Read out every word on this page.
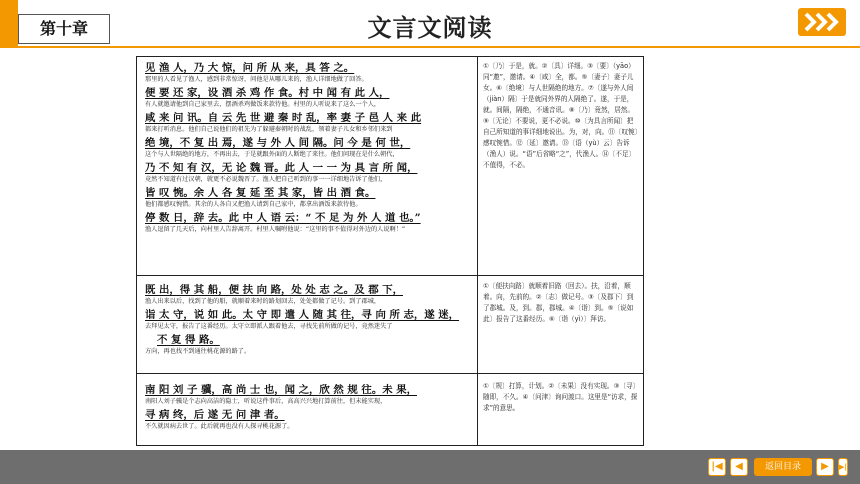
第十章	文言文阅读
见 渔 人，乃 大 惊，问 所 从 来，具 答 之。
那里的人看见了渔人，感到非常惊讶，问他是从哪儿来的，渔人详细地做了回答。
便 要 还 家，设 酒 杀 鸡 作 食。村 中 闻 有 此 人，
有人就邀请他到自己家里去，摆酒杀鸡做饭来款待他。村里的人听说来了这么一个人，
咸 来 问 讯。自 云 先 世 避 秦 时 乱，率 妻 子 邑 人 来 此
都来打听消息。他们自己说他们的祖先为了躲避秦朝时的战乱，领着妻子儿女和乡邻们来到
绝 境，不 复 出 焉，遂 与 外 人 间 隔。问 今 是 何 世，
这个与人世隔绝的地方，不再出去，于是就跟外面的人断绝了来往。他们问现在是什么朝代，
乃 不 知 有 汉，无 论 魏 晋。此 人 一 一 为 具 言 所 闻，
竟然不知道有过汉朝，就更不必说魏晋了。渔人把自己听到的事一一详细地告诉了他们，
皆 叹 惋。余 人 各 复 延 至 其 家，皆 出 酒 食。
他们都感叹惋惜。其余的人各自又把渔人请到自己家中，都拿出酒饭来款待他。
停 数 日，辞 去。此 中 人 语 云：“ 不 足 为 外 人 道 也。”
渔人逗留了几天后，向村里人告辞离开。村里人嘱咐他说：“这里的事不值得对外边的人说啊！”
①〔乃〕于是，就。②〔具〕详细。③〔要〕（yāo）同“邀”，邀请。④〔咸〕全，都。⑤〔妻子〕妻子儿女。⑥〔绝境〕与人世隔绝的地方。⑦〔遂与外人间（jiàn）隔〕于是就同外界的人隔绝了。遂，于是，就。间隔，隔绝，不通音讯。⑧〔乃〕竟然，居然。⑨〔无论〕不要说，更不必说。⑩〔为具言所闻〕把自己所知道的事详细地说出。为，对，向。⑪〔叹惋〕感叹惋惜。⑫〔延〕邀请。⑬〔语（yù）云〕告诉（渔人）说。“语”后省略“之”，代渔人。⑭〔不足〕不值得，不必。
既 出，得 其 船，便 扶 向 路，处 处 志 之。及 郡 下，
渔人出来以后，找到了他的船，就顺着来时的路划回去，处处都做了记号。到了郡城，
诣 太 守，说 如 此。太 守 即 遣 人 随 其 往，寻 向 所 志，遂 迷，
去拜见太守，报告了这番经历。太守立即派人跟着他去，寻找先前所做的记号，竟然迷失了
不 复 得 路。
方向，再也找不到通往桃花源的路了。
①〔便扶向路〕就顺着旧路（回去）。扶，沿着，顺着。向，先前的。②〔志〕做记号。③〔及郡下〕到了郡城。及，到。郡，郡城。④〔诣〕到。⑤〔说如此〕报告了这番经历。⑥〔诣（yì）〕拜访。
南 阳 刘 子 骥，高 尚 士 也，闻 之，欣 然 规 往。未 果，
南阳人刘子骥是个志向高洁的隐士，听说这件事后，高高兴兴地打算前往，但未能实现，
寻 病 终，后 遂 无 问 津 者。
不久就因病去世了。此后就再也没有人探寻桃花源了。
①〔规〕打算，计划。②〔未果〕没有实现。③〔寻〕随即，不久。④〔问津〕询问渡口。这里是“访求，探求”的意思。
|◀	◀	返回目录	▶	▶|
